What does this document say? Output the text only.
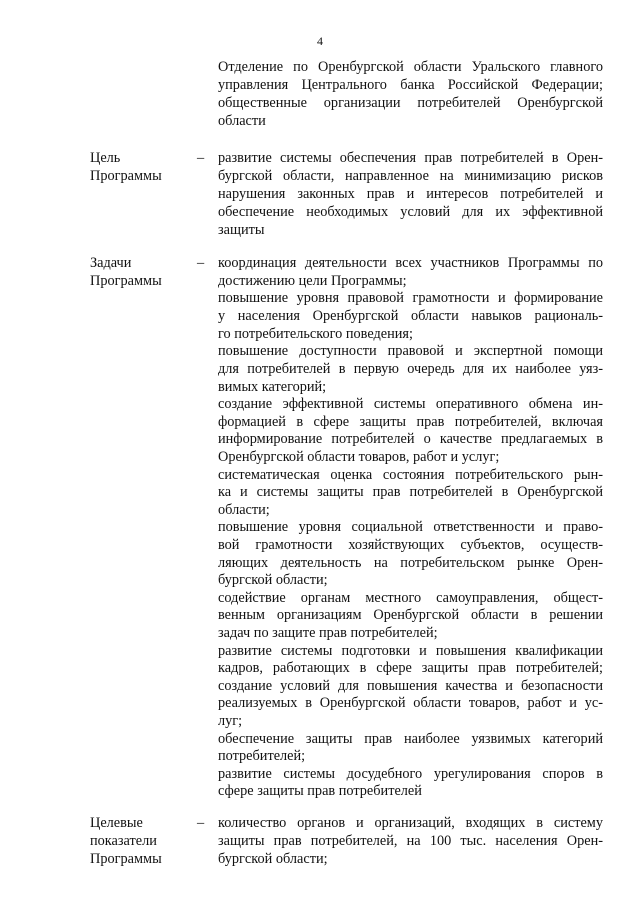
4
Отделение по Оренбургской области Уральского главного
управления Центрального банка Российской Федерации;
общественные организации потребителей Оренбургской
области
Цель
Программы
– развитие системы обеспечения прав потребителей в Орен-
бургской области, направленное на минимизацию рисков
нарушения законных прав и интересов потребителей и
обеспечение необходимых условий для их эффективной
защиты
Задачи
Программы
– координация деятельности всех участников Программы по
достижению цели Программы;
повышение уровня правовой грамотности и формирование
у населения Оренбургской области навыков рациональ-
го потребительского поведения;
повышение доступности правовой и экспертной помощи
для потребителей в первую очередь для их наиболее уяз-
вимых категорий;
создание эффективной системы оперативного обмена ин-
формацией в сфере защиты прав потребителей, включая
информирование потребителей о качестве предлагаемых в
Оренбургской области товаров, работ и услуг;
систематическая оценка состояния потребительского рын-
ка и системы защиты прав потребителей в Оренбургской
области;
повышение уровня социальной ответственности и право-
вой грамотности хозяйствующих субъектов, осуществ-
ляющих деятельность на потребительском рынке Орен-
бургской области;
содействие органам местного самоуправления, общест-
венным организациям Оренбургской области в решении
задач по защите прав потребителей;
развитие системы подготовки и повышения квалификации
кадров, работающих в сфере защиты прав потребителей;
создание условий для повышения качества и безопасности
реализуемых в Оренбургской области товаров, работ и ус-
луг;
обеспечение защиты прав наиболее уязвимых категорий
потребителей;
развитие системы досудебного урегулирования споров в
сфере защиты прав потребителей
Целевые
показатели
Программы
– количество органов и организаций, входящих в систему
защиты прав потребителей, на 100 тыс. населения Орен-
бургской области;
